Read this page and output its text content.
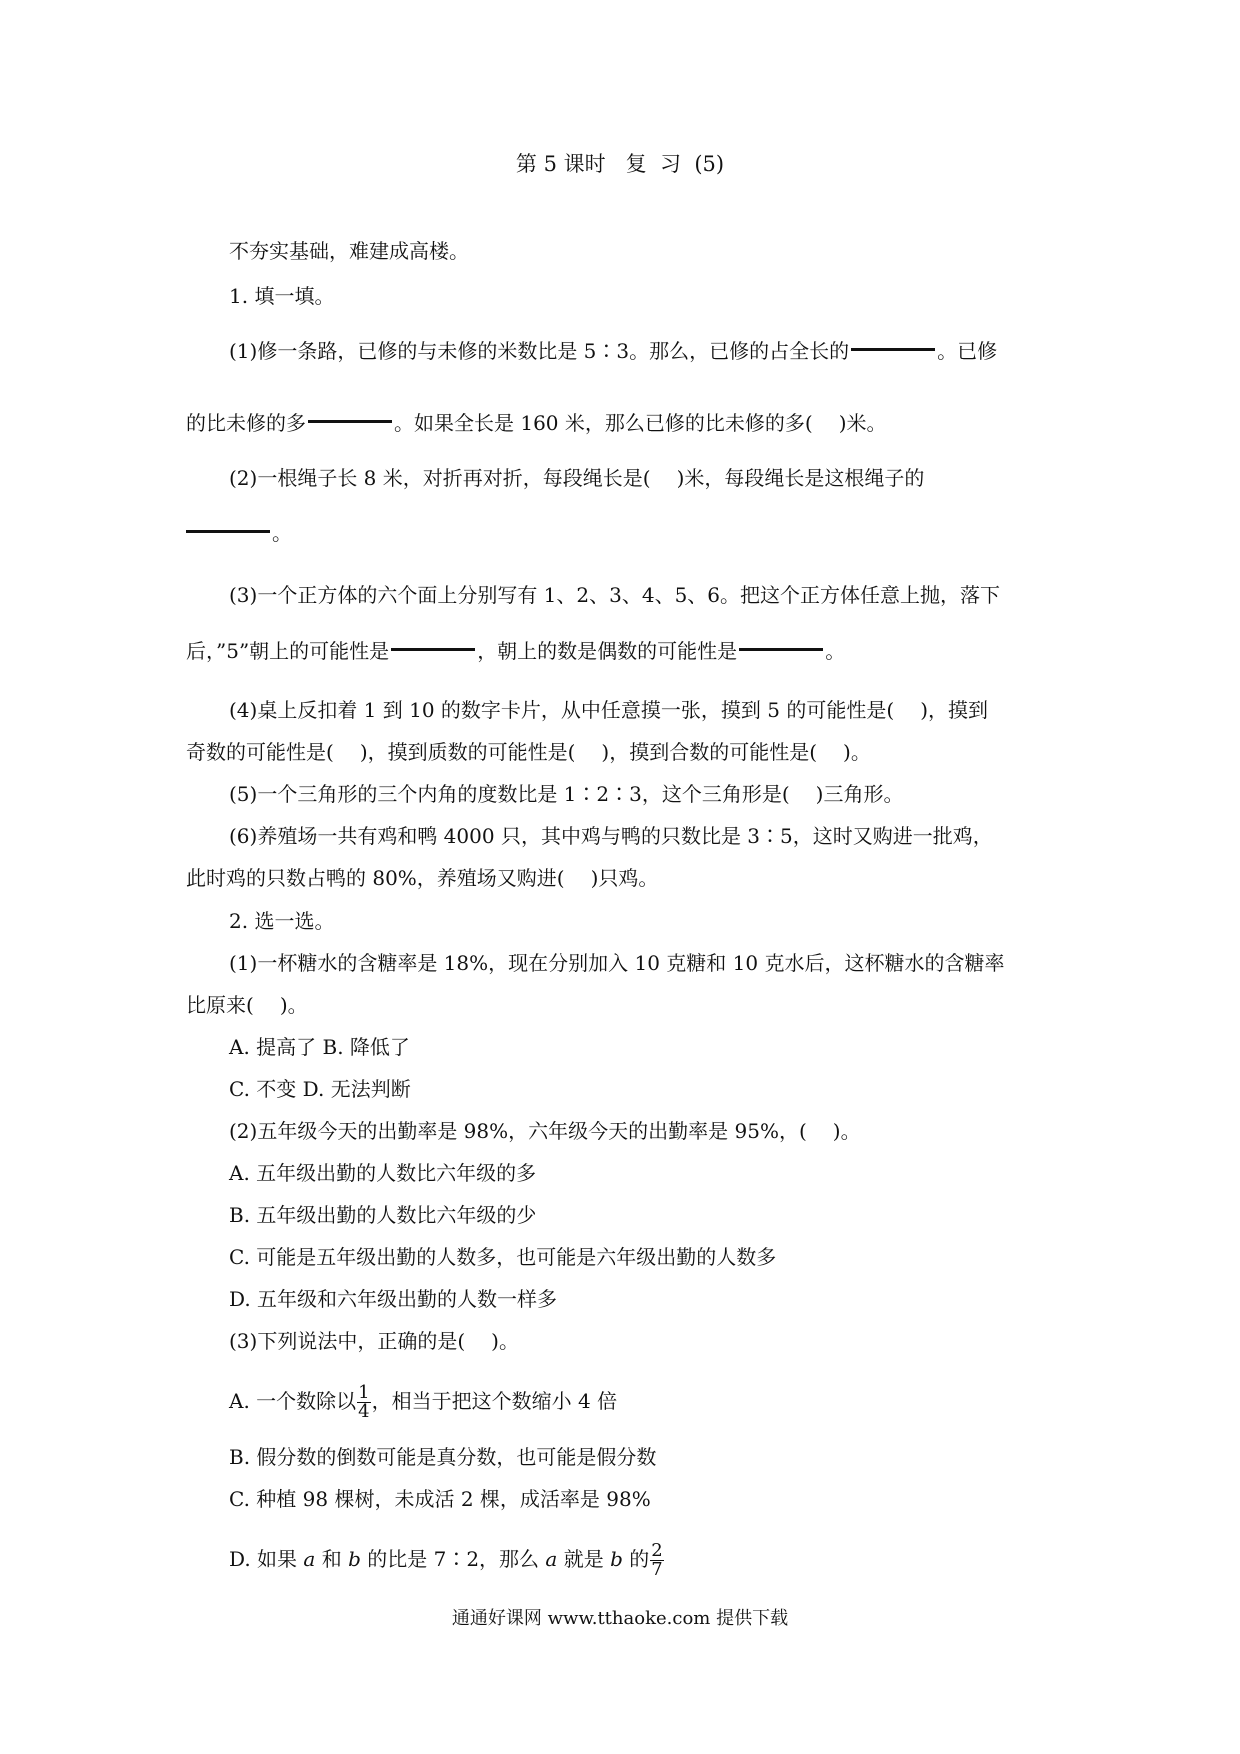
第 5 课时   复  习  (5)
不夯实基础，难建成高楼。
1. 填一填。
(1)修一条路，已修的与未修的米数比是 5∶3。那么，已修的占全长的	。已修
的比未修的多	。如果全长是 160 米，那么已修的比未修的多( )米。
(2)一根绳子长 8 米，对折再对折，每段绳长是( )米，每段绳长是这根绳子的
。
(3)一个正方体的六个面上分别写有 1、2、3、4、5、6。把这个正方体任意上抛，落下
后，”5”朝上的可能性是	，朝上的数是偶数的可能性是	。
(4)桌上反扣着 1 到 10 的数字卡片，从中任意摸一张，摸到 5 的可能性是( )，摸到
奇数的可能性是( )，摸到质数的可能性是( )，摸到合数的可能性是( )。
(5)一个三角形的三个内角的度数比是 1∶2∶3，这个三角形是( )三角形。
(6)养殖场一共有鸡和鸭 4000 只，其中鸡与鸭的只数比是 3∶5，这时又购进一批鸡，
此时鸡的只数占鸭的 80%，养殖场又购进( )只鸡。
2. 选一选。
(1)一杯糖水的含糖率是 18%，现在分别加入 10 克糖和 10 克水后，这杯糖水的含糖率
比原来( )。
A. 提高了 B. 降低了
C. 不变 D. 无法判断
(2)五年级今天的出勤率是 98%，六年级今天的出勤率是 95%，( )。
A. 五年级出勤的人数比六年级的多
B. 五年级出勤的人数比六年级的少
C. 可能是五年级出勤的人数多，也可能是六年级出勤的人数多
D. 五年级和六年级出勤的人数一样多
(3)下列说法中，正确的是( )。
A. 一个数除以 $\frac{1}{4}$ ，相当于把这个数缩小 4 倍
B. 假分数的倒数可能是真分数，也可能是假分数
C. 种植 98 棵树，未成活 2 棵，成活率是 98%
D. 如果 a 和 b 的比是 7∶2，那么 a 就是 b 的 $\frac{2}{7}$
通通好课网 www.tthaoke.com 提供下载
